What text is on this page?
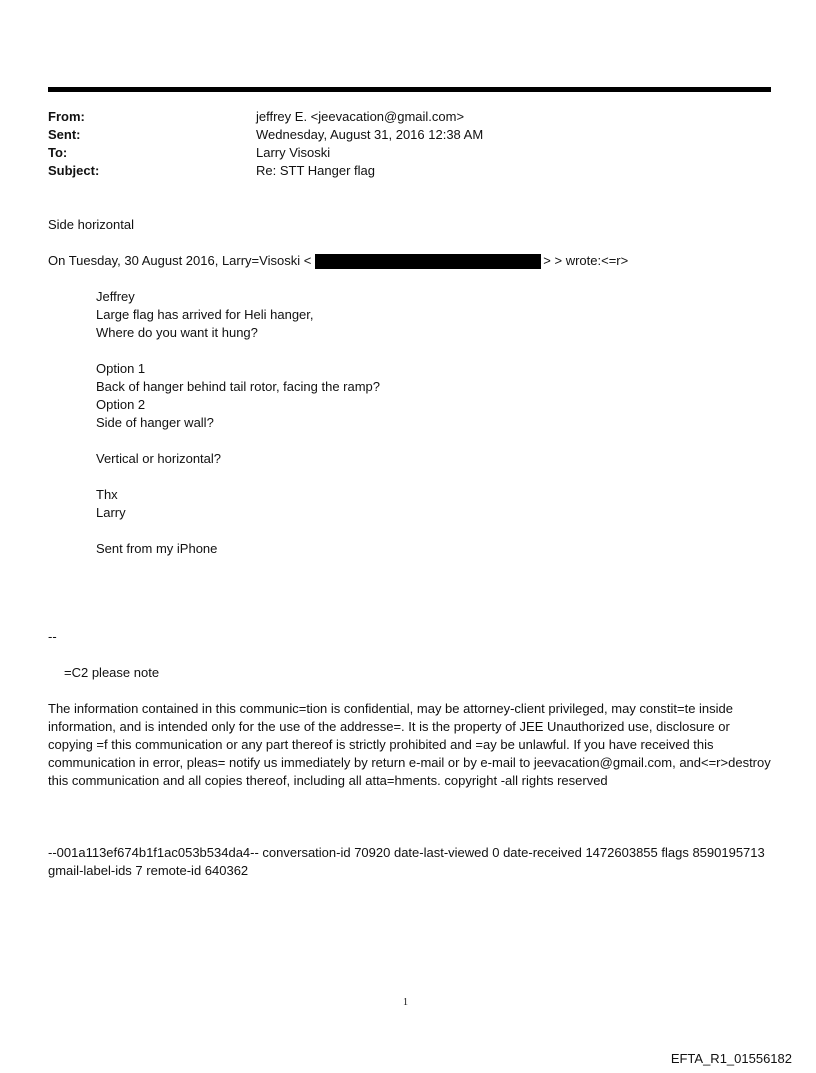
From:	jeffrey E. <jeevacation@gmail.com>
Sent:	Wednesday, August 31, 2016 12:38 AM
To:	Larry Visoski
Subject:	Re: STT Hanger flag
Side horizontal
On Tuesday, 30 August 2016, Larry=Visoski <	> > wrote:<=r>
Jeffrey
Large flag has arrived for Heli hanger,
Where do you want it hung?
Option 1
Back of hanger behind tail rotor, facing the ramp?
Option 2
Side of hanger wall?
Vertical or horizontal?
Thx
Larry
Sent from my iPhone
--
=C2 please note
The information contained in this communic=tion is confidential, may be attorney-client privileged, may constit=te inside information, and is intended only for the use of the addresse=. It is the property of JEE Unauthorized use, disclosure or copying =f this communication or any part thereof is strictly prohibited and =ay be unlawful. If you have received this communication in error, pleas= notify us immediately by return e-mail or by e-mail to jeevacation@gmail.com, and<=r>destroy this communication and all copies thereof, including all atta=hments. copyright -all rights reserved
--001a113ef674b1f1ac053b534da4-- conversation-id 70920 date-last-viewed 0 date-received 1472603855 flags 8590195713 gmail-label-ids 7 remote-id 640362
1
EFTA_R1_01556182
